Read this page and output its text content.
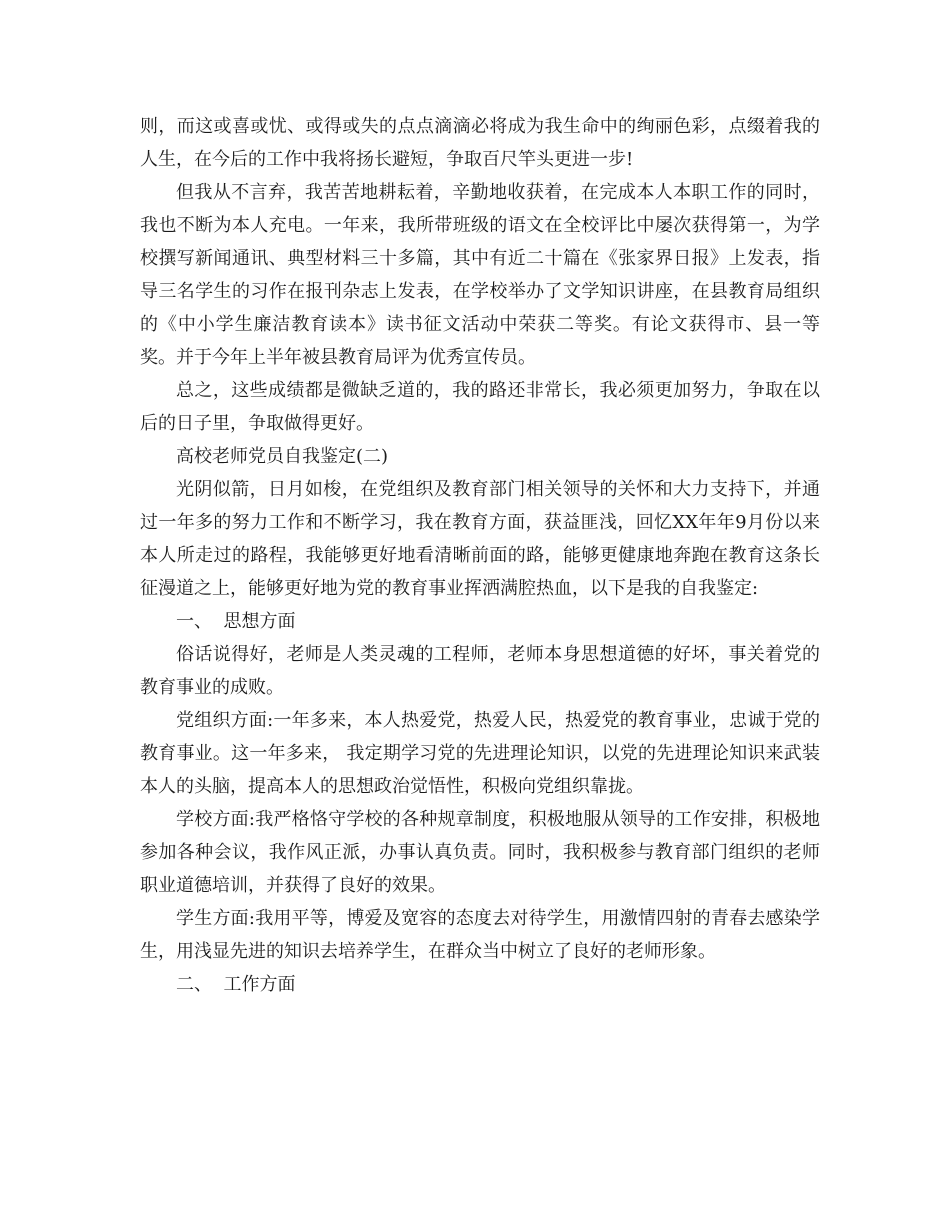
则，而这或喜或忧、或得或失的点点滴滴必将成为我生命中的绚丽色彩，点缀着我的人生，在今后的工作中我将扬长避短，争取百尺竿头更进一步!

但我从不言弃，我苦苦地耕耘着，辛勤地收获着，在完成本人本职工作的同时，我也不断为本人充电。一年来，我所带班级的语文在全校评比中屡次获得第一，为学校撰写新闻通讯、典型材料三十多篇，其中有近二十篇在《张家界日报》上发表，指导三名学生的习作在报刊杂志上发表，在学校举办了文学知识讲座，在县教育局组织的《中小学生廉洁教育读本》读书征文活动中荣获二等奖。有论文获得市、县一等奖。并于今年上半年被县教育局评为优秀宣传员。

总之，这些成绩都是微缺乏道的，我的路还非常长，我必须更加努力，争取在以后的日子里，争取做得更好。

高校老师党员自我鉴定(二)

光阴似箭，日月如梭，在党组织及教育部门相关领导的关怀和大力支持下，并通过一年多的努力工作和不断学习，我在教育方面，获益匪浅，回忆XX年年9月份以来本人所走过的路程，我能够更好地看清晰前面的路，能够更健康地奔跑在教育这条长征漫道之上，能够更好地为党的教育事业挥洒满腔热血，以下是我的自我鉴定:

一、  思想方面

俗话说得好，老师是人类灵魂的工程师，老师本身思想道德的好坏，事关着党的教育事业的成败。

党组织方面:一年多来，本人热爱党，热爱人民，热爱党的教育事业，忠诚于党的教育事业。这一年多来， 我定期学习党的先进理论知识，以党的先进理论知识来武装本人的头脑，提高本人的思想政治觉悟性，积极向党组织靠拢。

学校方面:我严格恪守学校的各种规章制度，积极地服从领导的工作安排，积极地参加各种会议，我作风正派，办事认真负责。同时，我积极参与教育部门组织的老师职业道德培训，并获得了良好的效果。

学生方面:我用平等，博爱及宽容的态度去对待学生，用激情四射的青春去感染学生，用浅显先进的知识去培养学生，在群众当中树立了良好的老师形象。

二、  工作方面
